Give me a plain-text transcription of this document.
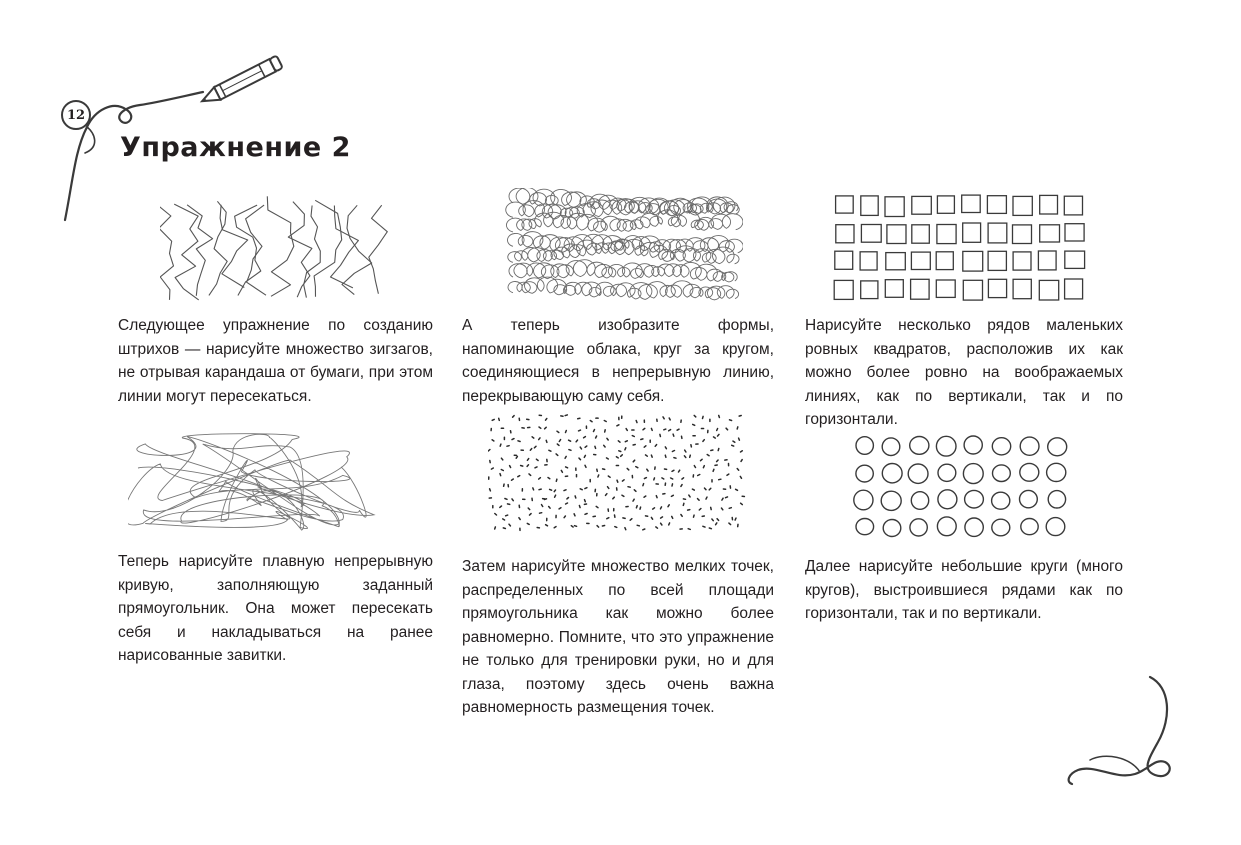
12
Упражнение 2

Следующее упражнение по созданию штрихов — нарисуйте множество зигзагов, не отрывая карандаша от бумаги, при этом линии могут пересекаться.

А теперь изобразите формы, напоминающие облака, круг за кругом, соединяющиеся в непрерывную линию, перекрывающую саму себя.

Нарисуйте несколько рядов маленьких ровных квадратов, расположив их как можно более ровно на воображаемых линиях, как по вертикали, так и по горизонтали.

Теперь нарисуйте плавную непрерывную кривую, заполняющую заданный прямоугольник. Она может пересекать себя и накладываться на ранее нарисованные завитки.

Затем нарисуйте множество мелких точек, распределенных по всей площади прямоугольника как можно более равномерно. Помните, что это упражнение не только для тренировки руки, но и для глаза, поэтому здесь очень важна равномерность размещения точек.

Далее нарисуйте небольшие круги (много кругов), выстроившиеся рядами как по горизонтали, так и по вертикали.
